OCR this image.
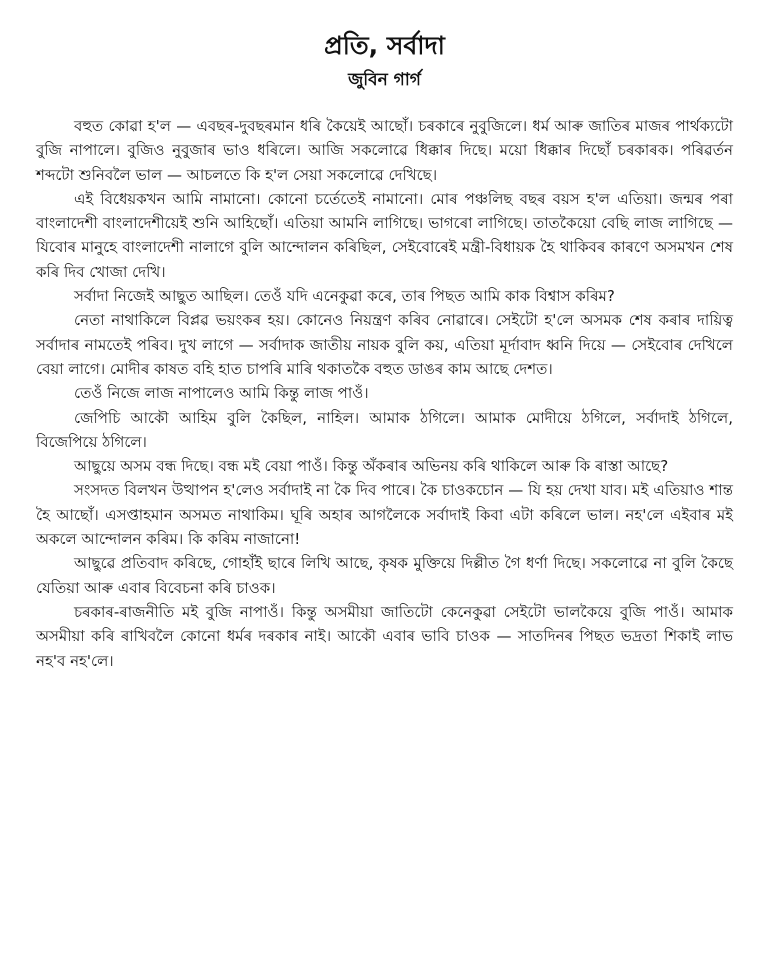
প্ৰতি, সৰ্বাদা
জুবিন গাৰ্গ

বহুত কোৱা হ'ল — এবছৰ-দুবছৰমান ধৰি কৈয়েই আছোঁ। চৰকাৰে নুবুজিলে। ধৰ্ম আৰু জাতিৰ মাজৰ পাৰ্থক্যটো বুজি নাপালে। বুজিও নুবুজাৰ ভাও ধৰিলে। আজি সকলোৱে ধিক্কাৰ দিছে। ময়ো ধিক্কাৰ দিছোঁ চৰকাৰক। পৰিৱৰ্তন শব্দটো শুনিবলৈ ভাল — আচলতে কি হ'ল সেয়া সকলোৱে দেখিছে।

এই বিধেয়কখন আমি নামানো। কোনো চৰ্তেতেই নামানো। মোৰ পঞ্চলিছ বছৰ বয়স হ'ল এতিয়া। জন্মৰ পৰা বাংলাদেশী বাংলাদেশীয়েই শুনি আহিছোঁ। এতিয়া আমনি লাগিছে। ভাগৰো লাগিছে। তাতকৈয়ো বেছি লাজ লাগিছে — যিবোৰ মানুহে বাংলাদেশী নালাগে বুলি আন্দোলন কৰিছিল, সেইবোৰেই মন্ত্ৰী-বিধায়ক হৈ থাকিবৰ কাৰণে অসমখন শেষ কৰি দিব খোজা দেখি।

সৰ্বাদা নিজেই আছুত আছিল। তেওঁ যদি এনেকুৱা কৰে, তাৰ পিছত আমি কাক বিশ্বাস কৰিম?

নেতা নাথাকিলে বিপ্লৱ ভয়ংকৰ হয়। কোনেও নিয়ন্ত্ৰণ কৰিব নোৱাৰে। সেইটো হ'লে অসমক শেষ কৰাৰ দায়িত্ব সৰ্বাদাৰ নামতেই পৰিব। দুখ লাগে — সৰ্বাদাক জাতীয় নায়ক বুলি কয়, এতিয়া মূৰ্দাবাদ ধ্বনি দিয়ে — সেইবোৰ দেখিলে বেয়া লাগে। মোদীৰ কাষত বহি হাত চাপৰি মাৰি থকাতকৈ বহুত ডাঙৰ কাম আছে দেশত।

তেওঁ নিজে লাজ নাপালেও আমি কিন্তু লাজ পাওঁ।

জেপিচি আকৌ আহিম বুলি কৈছিল, নাহিল। আমাক ঠগিলে। আমাক মোদীয়ে ঠগিলে, সৰ্বাদাই ঠগিলে, বিজেপিয়ে ঠগিলে।

আছুয়ে অসম বন্ধ দিছে। বন্ধ মই বেয়া পাওঁ। কিন্তু অঁকৰাৰ অভিনয় কৰি থাকিলে আৰু কি ৰাস্তা আছে?

সংসদত বিলখন উত্থাপন হ'লেও সৰ্বাদাই না কৈ দিব পাৰে। কৈ চাওকচোন — যি হয় দেখা যাব। মই এতিয়াও শান্ত হৈ আছোঁ। এসপ্তাহমান অসমত নাথাকিম। ঘূৰি অহাৰ আগলৈকে সৰ্বাদাই কিবা এটা কৰিলে ভাল। নহ'লে এইবাৰ মই অকলে আন্দোলন কৰিম। কি কৰিম নাজানো!

আছুৱে প্ৰতিবাদ কৰিছে, গোহাঁই ছাৰে লিখি আছে, কৃষক মুক্তিয়ে দিল্লীত গৈ ধৰ্ণা দিছে। সকলোৱে না বুলি কৈছে যেতিয়া আৰু এবাৰ বিবেচনা কৰি চাওক।

চৰকাৰ-ৰাজনীতি মই বুজি নাপাওঁ। কিন্তু অসমীয়া জাতিটো কেনেকুৱা সেইটো ভালকৈয়ে বুজি পাওঁ। আমাক অসমীয়া কৰি ৰাখিবলৈ কোনো ধৰ্মৰ দৰকাৰ নাই। আকৌ এবাৰ ভাবি চাওক — সাতদিনৰ পিছত ভদ্ৰতা শিকাই লাভ নহ'ব নহ'লে।
